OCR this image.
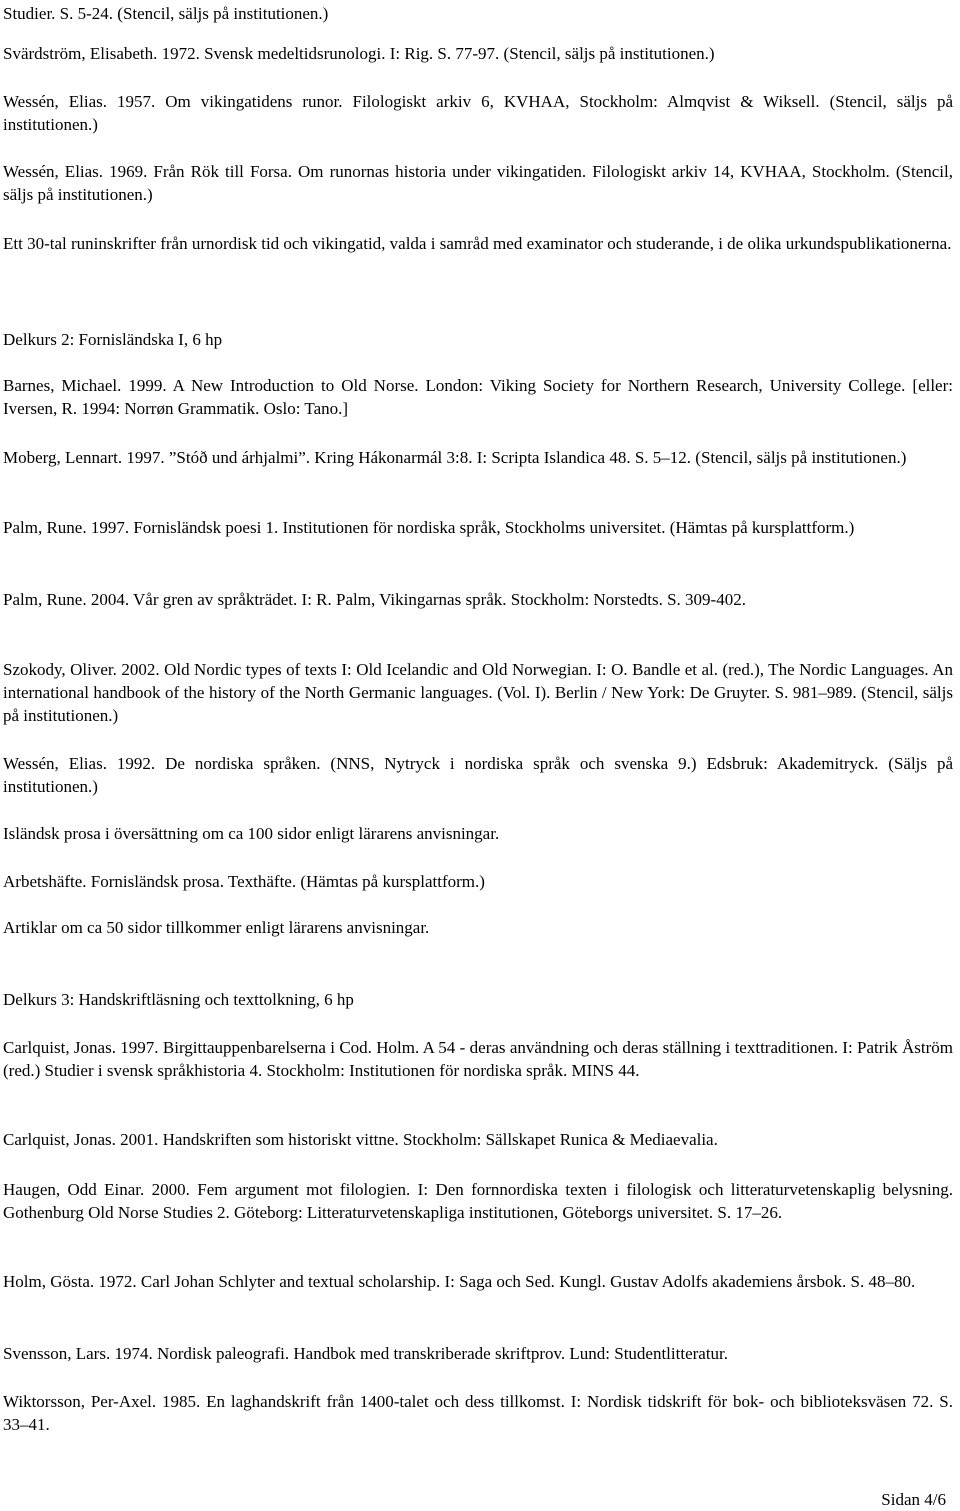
Studier. S. 5-24. (Stencil, säljs på institutionen.)

Svärdström, Elisabeth. 1972. Svensk medeltidsrunologi. I: Rig. S. 77-97. (Stencil, säljs på institutionen.)

Wessén, Elias. 1957. Om vikingatidens runor. Filologiskt arkiv 6, KVHAA, Stockholm: Almqvist & Wiksell. (Stencil, säljs på institutionen.)

Wessén, Elias. 1969. Från Rök till Forsa. Om runornas historia under vikingatiden. Filologiskt arkiv 14, KVHAA, Stockholm. (Stencil, säljs på institutionen.)

Ett 30-tal runinskrifter från urnordisk tid och vikingatid, valda i samråd med examinator och studerande, i de olika urkundspublikationerna.

Delkurs 2: Fornisländska I, 6 hp

Barnes, Michael. 1999. A New Introduction to Old Norse. London: Viking Society for Northern Research, University College. [eller: Iversen, R. 1994: Norrøn Grammatik. Oslo: Tano.]

Moberg, Lennart. 1997. ”Stóð und árhjalmi”. Kring Hákonarmál 3:8. I: Scripta Islandica 48. S. 5–12. (Stencil, säljs på institutionen.)

Palm, Rune. 1997. Fornisländsk poesi 1. Institutionen för nordiska språk, Stockholms universitet. (Hämtas på kursplattform.)

Palm, Rune. 2004. Vår gren av språkträdet. I: R. Palm, Vikingarnas språk. Stockholm: Norstedts. S. 309-402.

Szokody, Oliver. 2002. Old Nordic types of texts I: Old Icelandic and Old Norwegian. I: O. Bandle et al. (red.), The Nordic Languages. An international handbook of the history of the North Germanic languages. (Vol. I). Berlin / New York: De Gruyter. S. 981–989. (Stencil, säljs på institutionen.)

Wessén, Elias. 1992. De nordiska språken. (NNS, Nytryck i nordiska språk och svenska 9.) Edsbruk: Akademitryck. (Säljs på institutionen.)

Isländsk prosa i översättning om ca 100 sidor enligt lärarens anvisningar.

Arbetshäfte. Fornisländsk prosa. Texthäfte. (Hämtas på kursplattform.)

Artiklar om ca 50 sidor tillkommer enligt lärarens anvisningar.

Delkurs 3: Handskriftläsning och texttolkning, 6 hp

Carlquist, Jonas. 1997. Birgittauppenbarelserna i Cod. Holm. A 54 - deras användning och deras ställning i texttraditionen. I: Patrik Åström (red.) Studier i svensk språkhistoria 4. Stockholm: Institutionen för nordiska språk. MINS 44.

Carlquist, Jonas. 2001. Handskriften som historiskt vittne. Stockholm: Sällskapet Runica & Mediaevalia.

Haugen, Odd Einar. 2000. Fem argument mot filologien. I: Den fornnordiska texten i filologisk och litteraturvetenskaplig belysning. Gothenburg Old Norse Studies 2. Göteborg: Litteraturvetenskapliga institutionen, Göteborgs universitet. S. 17–26.

Holm, Gösta. 1972. Carl Johan Schlyter and textual scholarship. I: Saga och Sed. Kungl. Gustav Adolfs akademiens årsbok. S. 48–80.

Svensson, Lars. 1974. Nordisk paleografi. Handbok med transkriberade skriftprov. Lund: Studentlitteratur.

Wiktorsson, Per-Axel. 1985. En laghandskrift från 1400-talet och dess tillkomst. I: Nordisk tidskrift för bok- och biblioteksväsen 72. S. 33–41.

Sidan 4/6
